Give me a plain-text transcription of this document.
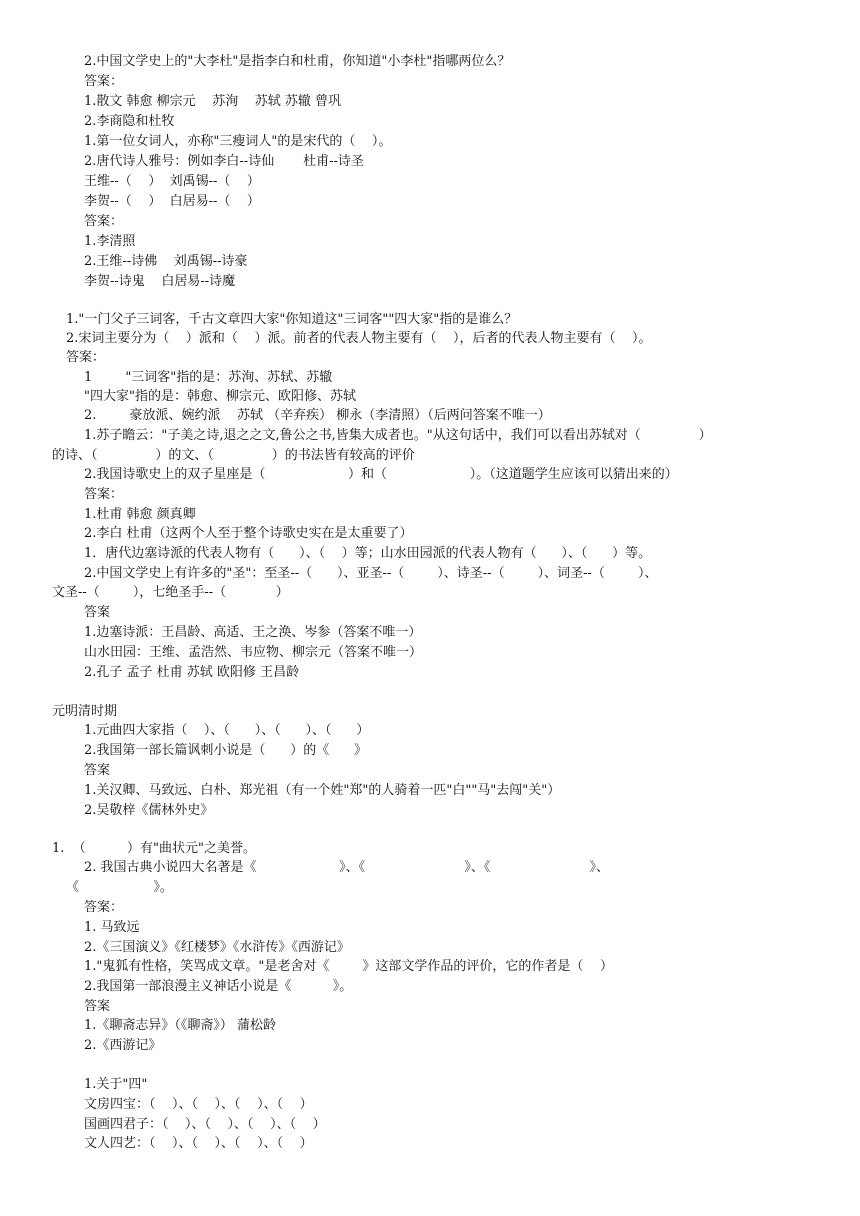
2.中国文学史上的"大李杜"是指李白和杜甫，你知道"小李杜"指哪两位么？
答案：
1.散文 韩愈 柳宗元    苏洵    苏轼 苏辙 曾巩
2.李商隐和杜牧
1.第一位女词人，亦称"三瘦词人"的是宋代的（    ）。
2.唐代诗人雅号：例如李白--诗仙       杜甫--诗圣
王维--（    ）  刘禹锡--（    ）
李贺--（    ）  白居易--（    ）
答案：
1.李清照
2.王维--诗佛    刘禹锡--诗豪
李贺--诗鬼    白居易--诗魔
1."一门父子三词客，千古文章四大家"你知道这"三词客""四大家"指的是谁么？
2.宋词主要分为（    ）派和（    ）派。前者的代表人物主要有（    ），后者的代表人物主要有（    ）。
答案：
1        "三词客"指的是：苏洵、苏轼、苏辙
"四大家"指的是：韩愈、柳宗元、欧阳修、苏轼
2.        豪放派、婉约派    苏轼 （辛弃疾） 柳永（李清照）（后两问答案不唯一）
1.苏子瞻云："子美之诗,退之之文,鲁公之书,皆集大成者也。"从这句话中，我们可以看出苏轼对（              ）
的诗、（              ）的文、（              ）的书法皆有较高的评价
2.我国诗歌史上的双子星座是（                    ）和（                    ）。（这道题学生应该可以猜出来的）
答案：
1.杜甫 韩愈 颜真卿
2.李白 杜甫（这两个人至于整个诗歌史实在是太重要了）
1．唐代边塞诗派的代表人物有（      ）、（    ）等；山水田园派的代表人物有（      ）、（      ）等。
2.中国文学史上有许多的"圣"：至圣--（      ）、亚圣--（        ）、诗圣--（        ）、词圣--（        ）、
文圣--（        ），七绝圣手--（            ）
答案
1.边塞诗派：王昌龄、高适、王之涣、岑参（答案不唯一）
山水田园：王维、孟浩然、韦应物、柳宗元（答案不唯一）
2.孔子 孟子 杜甫 苏轼 欧阳修 王昌龄
元明清时期
1.元曲四大家指（    ）、（      ）、（      ）、（      ）
2.我国第一部长篇讽刺小说是（      ）的《      》
答案
1.关汉卿、马致远、白朴、郑光祖（有一个姓"郑"的人骑着一匹"白""马"去闯"关"）
2.吴敬梓《儒林外史》
1.  （          ）有"曲状元"之美誉。
2. 我国古典小说四大名著是《                    》、《                        》、《                        》、
《                  》。
答案：
1. 马致远
2.《三国演义》《红楼梦》《水浒传》《西游记》
1."鬼狐有性格，笑骂成文章。"是老舍对《        》这部文学作品的评价，它的作者是（    ）
2.我国第一部浪漫主义神话小说是《          》。
答案
1.《聊斋志异》（《聊斋》） 蒲松龄
2.《西游记》
1.关于"四"
文房四宝：（    ）、（    ）、（    ）、（    ）
国画四君子：（    ）、（    ）、（    ）、（    ）
文人四艺：（    ）、（    ）、（    ）、（    ）
